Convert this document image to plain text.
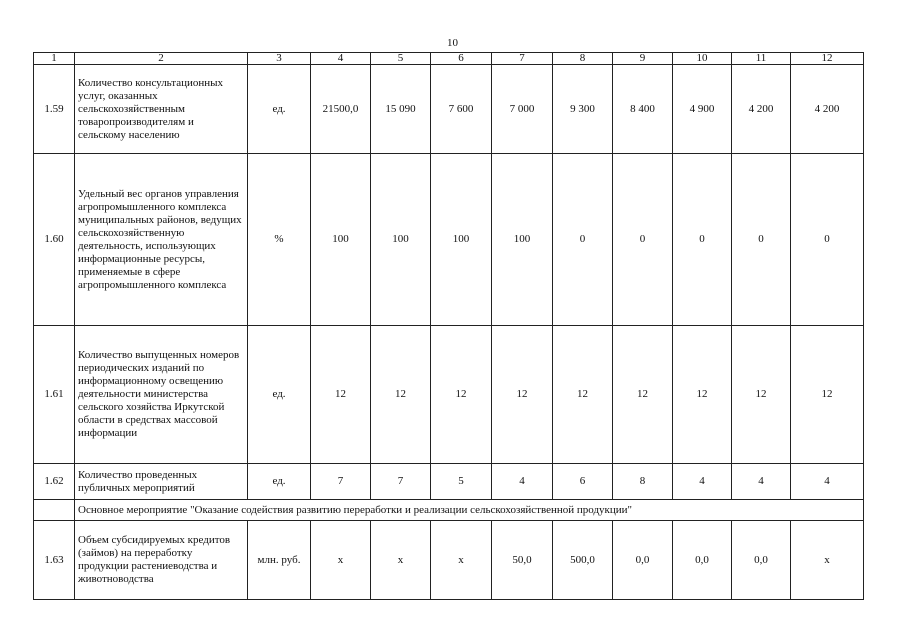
10
1	2	3	4	5	6	7	8	9	10	11	12
1.59	Количество консультационных услуг, оказанных сельскохозяйственным товаропроизводителям и сельскому населению	ед.	21500,0	15 090	7 600	7 000	9 300	8 400	4 900	4 200	4 200
1.60	Удельный вес органов управления агропромышленного комплекса муниципальных районов, ведущих сельскохозяйственную деятельность, использующих информационные ресурсы, применяемые в сфере агропромышленного комплекса	%	100	100	100	100	0	0	0	0	0
1.61	Количество выпущенных номеров периодических изданий по информационному освещению деятельности министерства сельского хозяйства Иркутской области в средствах массовой информации	ед.	12	12	12	12	12	12	12	12	12
1.62	Количество проведенных публичных мероприятий	ед.	7	7	5	4	6	8	4	4	4
	Основное мероприятие "Оказание содействия развитию переработки и реализации сельскохозяйственной продукции"										
1.63	Объем субсидируемых кредитов (займов) на переработку продукции растениеводства и животноводства	млн. руб.	х	х	х	50,0	500,0	0,0	0,0	0,0	х
